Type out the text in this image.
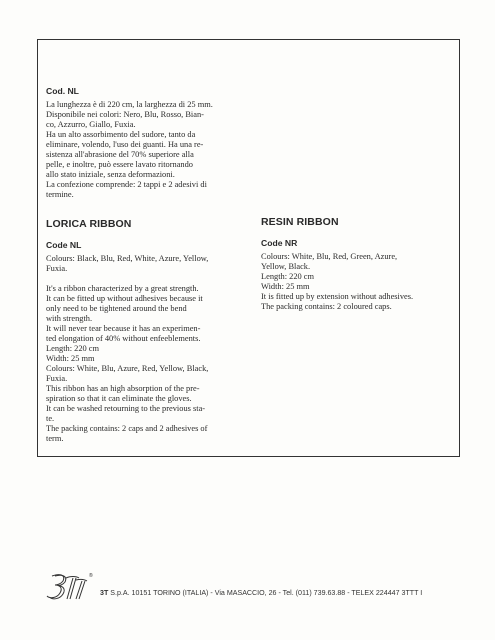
Cod. NL

La lunghezza è di 220 cm, la larghezza di 25 mm.
Disponibile nei colori: Nero, Blu, Rosso, Bian-
co, Azzurro, Giallo, Fuxia.
Ha un alto assorbimento del sudore, tanto da
eliminare, volendo, l'uso dei guanti. Ha una re-
sistenza all'abrasione del 70% superiore alla
pelle, e inoltre, può essere lavato ritornando
allo stato iniziale, senza deformazioni.
La confezione comprende: 2 tappi e 2 adesivi di
termine.

LORICA RIBBON
Code NL

Colours: Black, Blu, Red, White, Azure, Yellow,
Fuxia.

It's a ribbon characterized by a great strength.
It can be fitted up without adhesives because it
only need to be tightened around the bend
with strength.
It will never tear because it has an experimen-
ted elongation of 40% without enfeeblements.
Length: 220 cm
Width: 25 mm
Colours: White, Blu, Azure, Red, Yellow, Black,
Fuxia.
This ribbon has an high absorption of the pre-
spiration so that it can eliminate the gloves.
It can be washed retourning to the previous sta-
te.
The packing contains: 2 caps and 2 adhesives of
term.

RESIN RIBBON
Code NR

Colours: White, Blu, Red, Green, Azure,
Yellow, Black.
Length: 220 cm
Width: 25 mm
It is fitted up by extension without adhesives.
The packing contains: 2 coloured caps.

®
3T S.p.A. 10151 TORINO (ITALIA) - Via MASACCIO, 26 - Tel. (011) 739.63.88 - TELEX 224447 3TTT I
